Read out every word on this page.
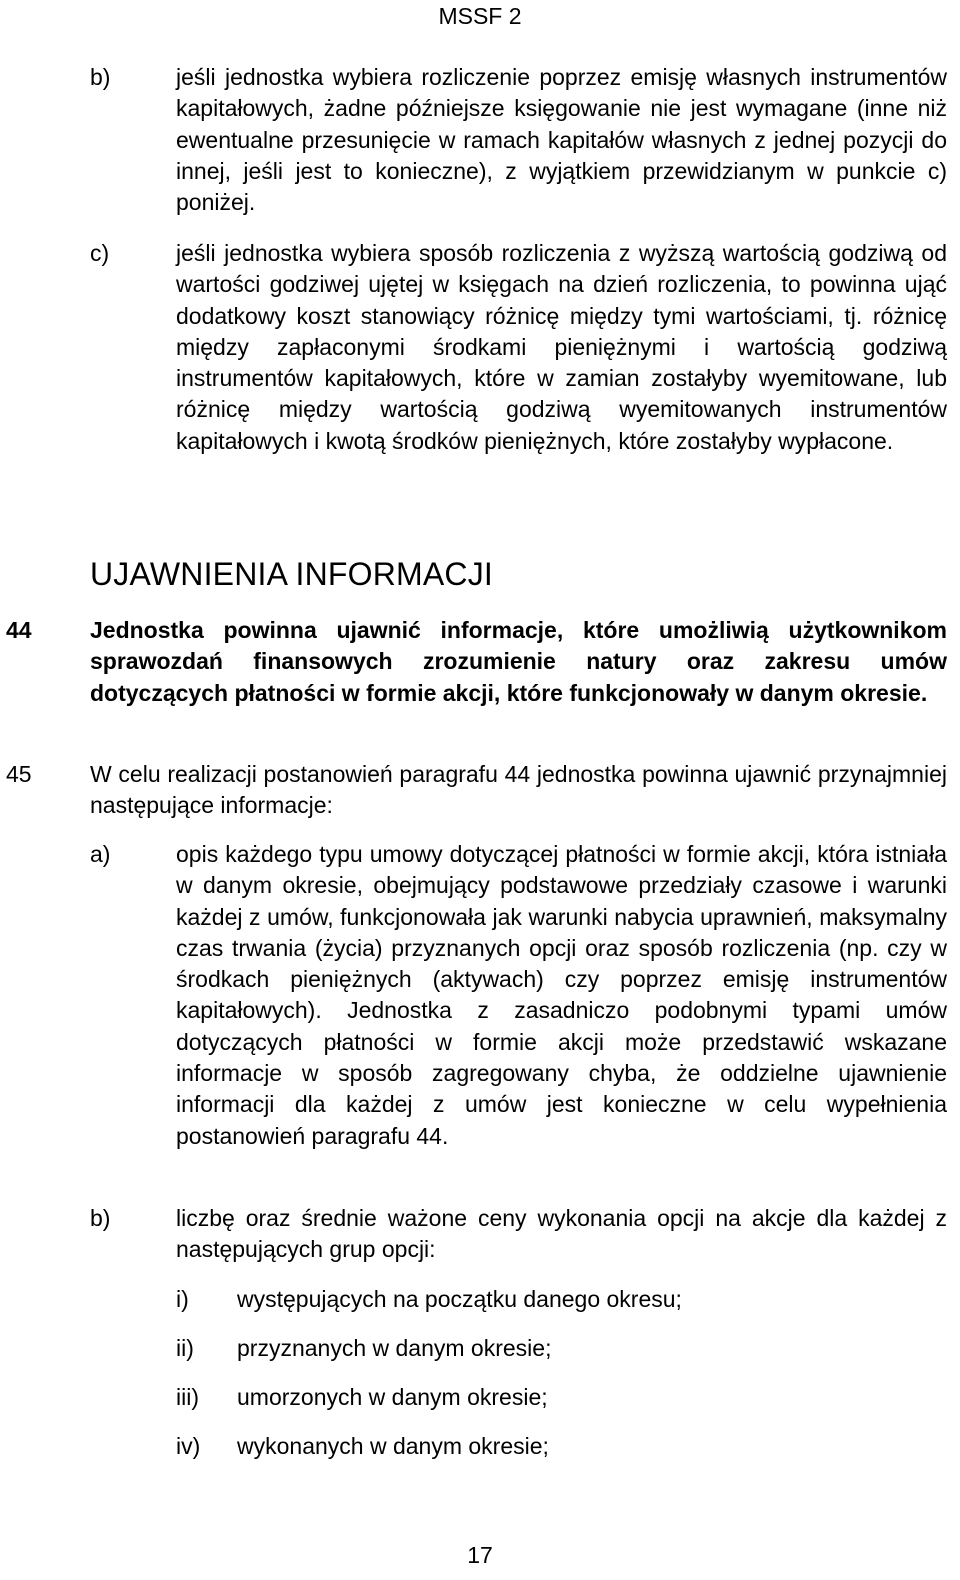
MSSF 2
b)	jeśli jednostka wybiera rozliczenie poprzez emisję własnych instrumentów kapitałowych, żadne późniejsze księgowanie nie jest wymagane (inne niż ewentualne przesunięcie w ramach kapitałów własnych z jednej pozycji do innej, jeśli jest to konieczne), z wyjątkiem przewidzianym w punkcie c) poniżej.
c)	jeśli jednostka wybiera sposób rozliczenia z wyższą wartością godziwą od wartości godziwej ujętej w księgach na dzień rozliczenia, to powinna ująć dodatkowy koszt stanowiący różnicę między tymi wartościami, tj. różnicę między zapłaconymi środkami pieniężnymi i wartością godziwą instrumentów kapitałowych, które w zamian zostałyby wyemitowane, lub różnicę między wartością godziwą wyemitowanych instrumentów kapitałowych i kwotą środków pieniężnych, które zostałyby wypłacone.
UJAWNIENIA INFORMACJI
44	Jednostka powinna ujawnić informacje, które umożliwią użytkownikom sprawozdań finansowych zrozumienie natury oraz zakresu umów dotyczących płatności w formie akcji, które funkcjonowały w danym okresie.
45	W celu realizacji postanowień paragrafu 44 jednostka powinna ujawnić przynajmniej następujące informacje:
a)	opis każdego typu umowy dotyczącej płatności w formie akcji, która istniała w danym okresie, obejmujący podstawowe przedziały czasowe i warunki każdej z umów, funkcjonowała jak warunki nabycia uprawnień, maksymalny czas trwania (życia) przyznanych opcji oraz sposób rozliczenia (np. czy w środkach pieniężnych (aktywach) czy poprzez emisję instrumentów kapitałowych). Jednostka z zasadniczo podobnymi typami umów dotyczących płatności w formie akcji może przedstawić wskazane informacje w sposób zagregowany chyba, że oddzielne ujawnienie informacji dla każdej z umów jest konieczne w celu wypełnienia postanowień paragrafu 44.
b)	liczbę oraz średnie ważone ceny wykonania opcji na akcje dla każdej z następujących grup opcji:
i) występujących na początku danego okresu;
ii) przyznanych w danym okresie;
iii) umorzonych w danym okresie;
iv) wykonanych w danym okresie;
17
